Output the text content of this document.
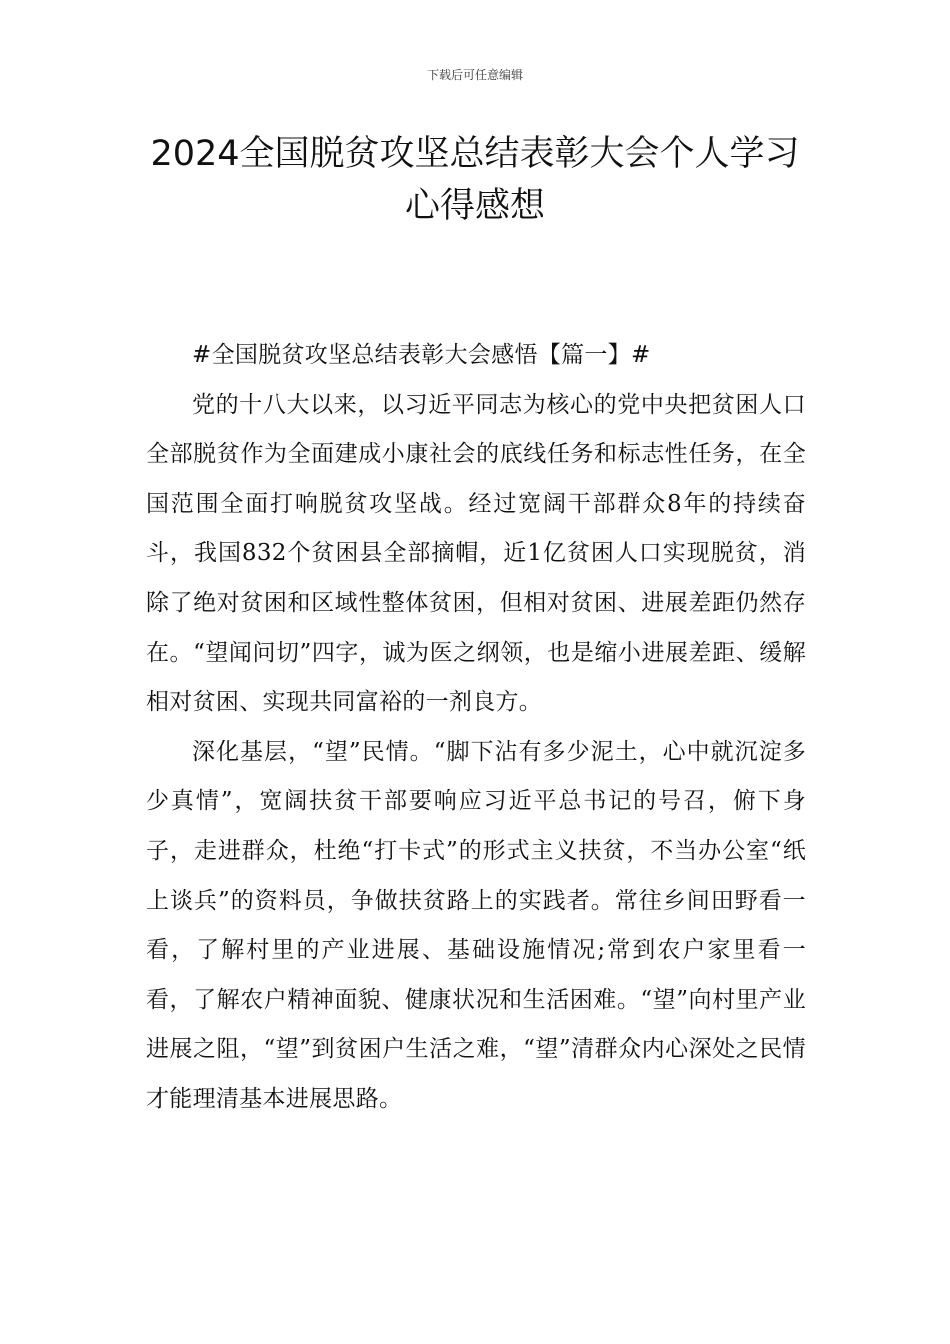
下载后可任意编辑
2024全国脱贫攻坚总结表彰大会个人学习
心得感想

#全国脱贫攻坚总结表彰大会感悟【篇一】#

党的十八大以来，以习近平同志为核心的党中央把贫困人口全部脱贫作为全面建成小康社会的底线任务和标志性任务，在全国范围全面打响脱贫攻坚战。经过宽阔干部群众8年的持续奋斗，我国832个贫困县全部摘帽，近1亿贫困人口实现脱贫，消除了绝对贫困和区域性整体贫困，但相对贫困、进展差距仍然存在。“望闻问切”四字，诚为医之纲领，也是缩小进展差距、缓解相对贫困、实现共同富裕的一剂良方。

深化基层，“望”民情。“脚下沾有多少泥土，心中就沉淀多少真情”，宽阔扶贫干部要响应习近平总书记的号召，俯下身子，走进群众，杜绝“打卡式”的形式主义扶贫，不当办公室“纸上谈兵”的资料员，争做扶贫路上的实践者。常往乡间田野看一看，了解村里的产业进展、基础设施情况;常到农户家里看一看，了解农户精神面貌、健康状况和生活困难。“望”向村里产业进展之阻，“望”到贫困户生活之难，“望”清群众内心深处之民情才能理清基本进展思路。
